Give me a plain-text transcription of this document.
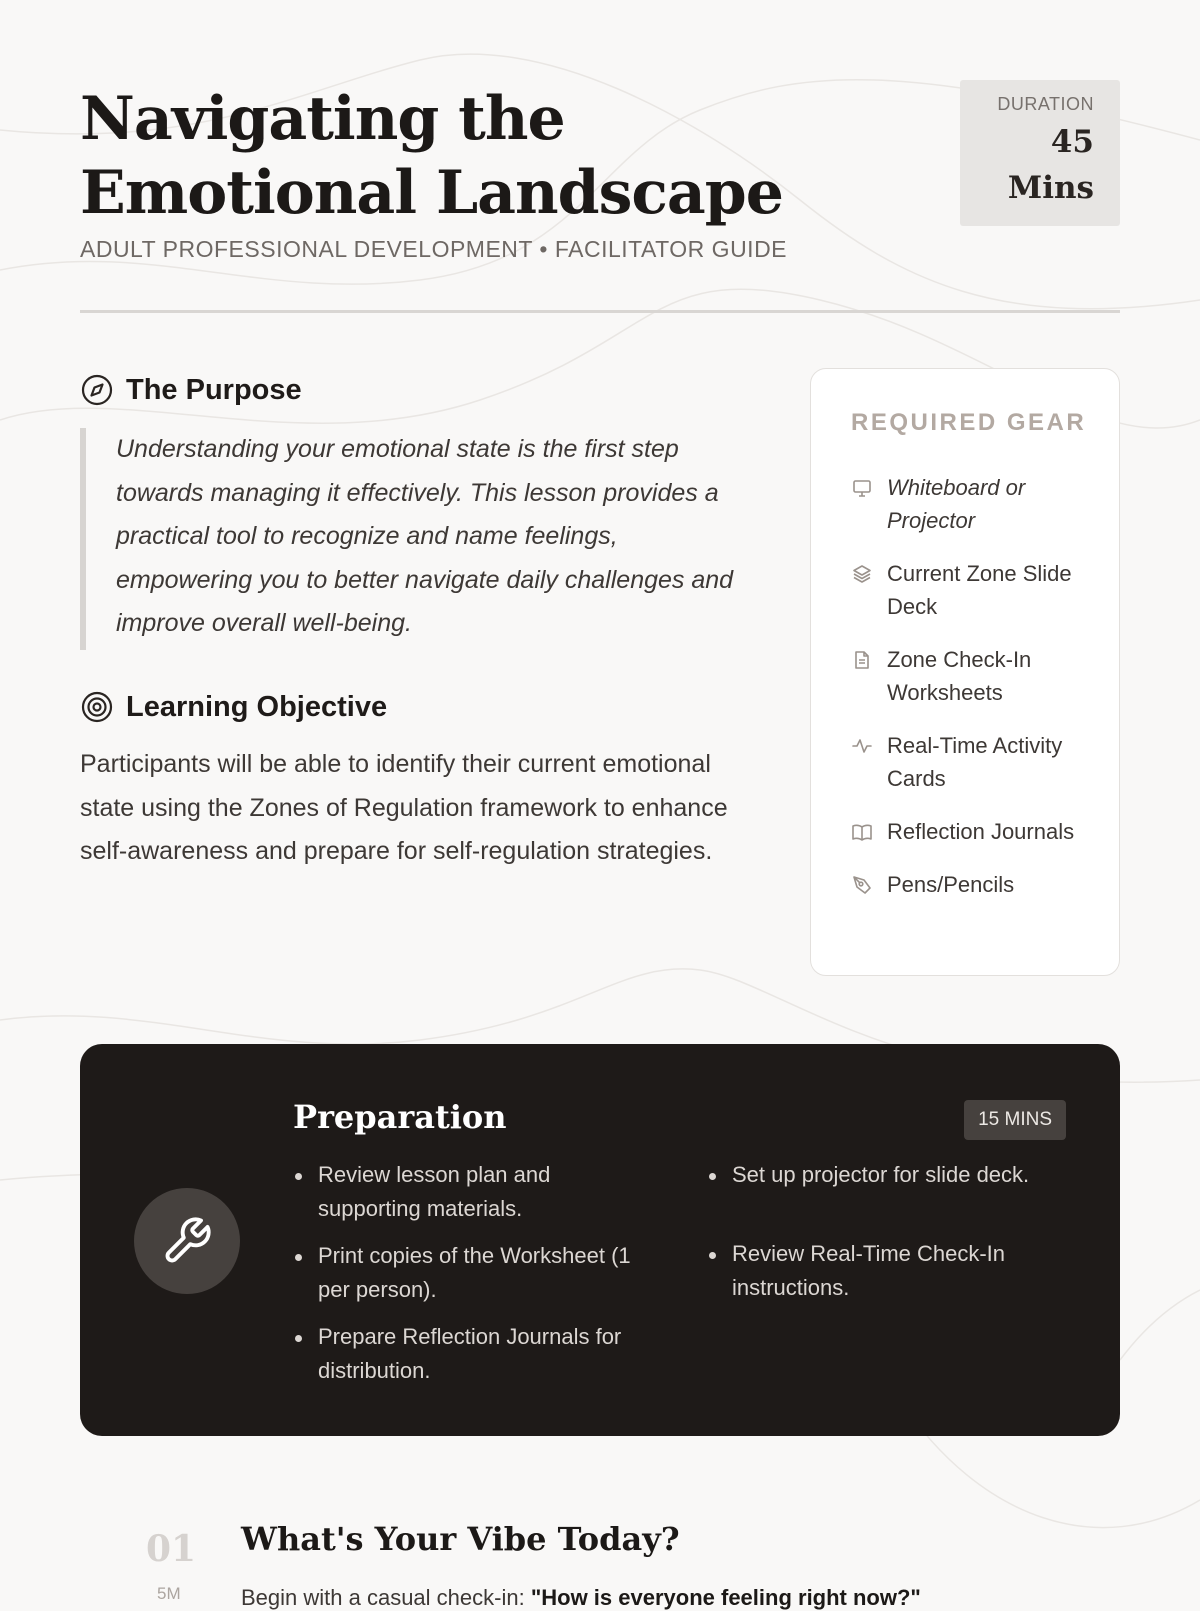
Navigating the Emotional Landscape

ADULT PROFESSIONAL DEVELOPMENT • FACILITATOR GUIDE

DURATION
45 Mins
The Purpose
Understanding your emotional state is the first step towards managing it effectively. This lesson provides a practical tool to recognize and name feelings, empowering you to better navigate daily challenges and improve overall well-being.
Learning Objective

Participants will be able to identify their current emotional state using the Zones of Regulation framework to enhance self-awareness and prepare for self-regulation strategies.

REQUIRED GEAR
Whiteboard or Projector
Current Zone Slide Deck
Zone Check-In Worksheets
Real-Time Activity Cards
Reflection Journals
Pens/Pencils
Preparation	15 MINS
Review lesson plan and supporting materials.
Print copies of the Worksheet (1 per person).
Prepare Reflection Journals for distribution.
Set up projector for slide deck.
Review Real-Time Check-In instructions.
01
5M
What's Your Vibe Today?

Begin with a casual check-in: "How is everyone feeling right now?"
